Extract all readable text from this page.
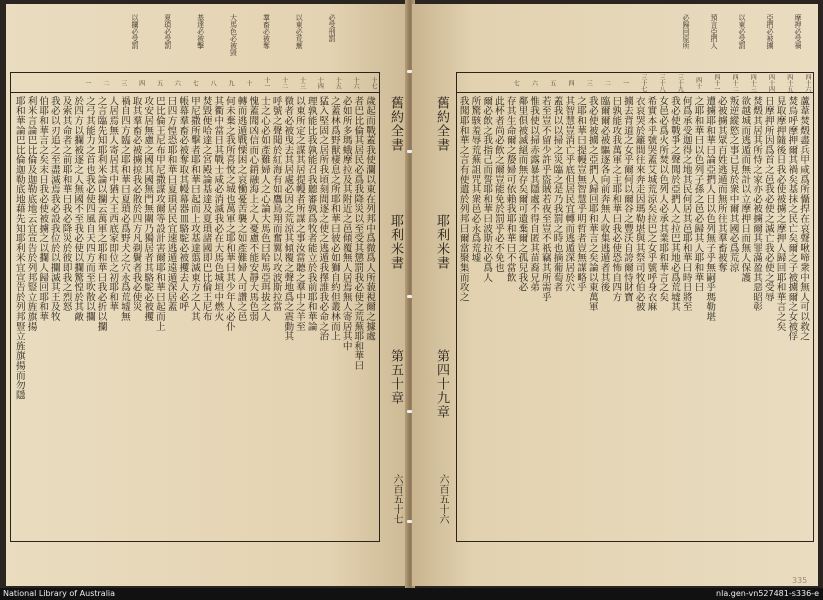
必受刑罰
以東必荒蕪
羣畜必被奪
大馬色必被毀
基達必被擊
夏瑣必受罰
以攔必受罰
十七
十六
十五
十四
十三
十二
十一
十
九
八
七
六
五
四
三
二
一
歲起而戰蓋我使瀾以東在列邦中爲微爲人所藐視爾之據處
者巴比倫其居民必爲我降災以至受其懲罰我必使之荒蕪耶和華曰
必如所多瑪蛾摩拉及其附近之邑傾覆無人居焉無人寄居其中
之蓋林爲野獸棲息之所耶和華曰彼必如獅自約但叢林而上
猛入堅固之居所我頃刻間逐之使之逃遁我擇誰我必命之治
理孰能比我孰能召我聽審孰爲牧者能立於我前耶和華論
以東所定之謀其居提幔者所謀之事汝當聽之羣中之羊至
微者必被曳去其居處必因之荒涼其傾覆之聲地爲之震動其
呼號之聲聞於紅海有如鷹鳥翔而奮翼以攻波斯拉當
士之心必如產難婦人之心論大馬色曰哈馬亞珥拔之人
愧蓋聞凶信而心銷融海上之人憂慮不能安靜大馬色弱
轉而逃遁戰慄困之哀慟憂苦襲之如產難婦人可讚之邑
何未棄之我所喜悅之城也萬軍之耶和華曰其少年人必仆
其衢中當日其戰士咸必消滅我必在大馬色城垣中燃火
焚毀便哈達之宮殿論基達及夏瑣諸國即巴比倫王尼布
甲尼撒所擊者耶和華曰起而上攻基達翦滅東方之人其
帳幕羣畜必被奪取其幔幕器皿駱駝必被攫去人必呼
曰四方惶恐耶和華曰夏瑣居民宜速逃遁遠遁深居蓋
巴比倫王尼布甲尼撒謀攻爾等設計害爾耶和華曰起而上
攻安居無慮之國其國無門無關乃獨居者其駱駝必被攫
取其羣畜必被擄掠我必散於四方凡剃鬢者我必使災
禍自四方臨之耶和華曰夏瑣必爲野犬之穴永爲荒墟無
人居焉無人寄居其中猶大王西底家即位之初耶和華
之言臨先知耶利米論以攔云萬軍之耶和華曰我必折以攔
之弓其能力之首也我必使四風自天四方而至吹散以攔
於四方以攔被逐之人無國不至我必使以攔驚惶於其敵
及索其命者之前耶和華曰我必降災於彼即我之烈怒
我必以刃追之至盡滅焉我必設我位於以攔滅其王及牧
伯耶和華言之矣末日我必使被擄之以攔人歸回耶和華
利米言論巴比倫及迦勒底地云宜宣告於列邦豎立旌旗揚
耶和華論巴比倫迦勒底地藉先知耶利米宜宣告於列邦豎立旌旗揚而勿隱	舊約全書
耶利米書
第五十章
六百五十七
摩押必受禍
亞捫必被擄
以東必受罰
預言亞捫人
必歸回原所
舊約全書
耶利米書
第四十九章
六百五十六
四十六
四十五
四十四
四十三
四十二
四十一
四十
三十九
三十八
三十七
一
二
三
四
五
六
七
蘆葦焚燬盡兵甲咸爲所懾捍在哀聲啾啼衆中無人可以救之
焚烏呼摩押爾其禍矣基抹之民亡矣爾之子被擄爾之女被俘
見取摩押隨後日我必使被擄之摩押人歸回耶和華言之矣
日摩押所因爲首之邑我必使之滅亡我必使之受辱
焚燬其居其所恃之家亦必被擄爾其罪滿盈其惡昭彰
欲越城而逃遁而無計以立摩押日而無人保護
叛逆縱慾之事已見於衆中爾其國必爲荒涼
必被擄其眾百姓逃遁而無所往其羣畜被奪
遭擄耶和華曰論亞捫人日以色列無子乎無嗣乎瑪勒堪
之耶和華曰以色列子孫之邑必歸其人耶和華曰
何爲承受迦得之地其民何居其邑耶和華曰時日將至
我必使戰爭之聲聞於亞捫人之拉巴其地必爲荒墟其
女邑必爲火所焚以色列人必承其業耶和華言之矣
希實本乎號哭蓋艾城荒涼矣拉巴之女乎號呼身衣麻
衣哀哭於籬間往來奔走因瑪勒堪與其祭司牧伯必被
擄去背道之女乎爾何以爾谷之豐沃自誇爾恃財寶
曰孰能攻我萬軍之主耶和華曰我必使恐怖自四方
臨爾爾必被驅逐各向前奔無人收集逃遁者其後
我必使被擄之亞捫人歸回耶和華言之矣論以東萬軍
之耶和華曰提幔豈無智慧乎明哲者豈無謀略乎
其智慧豈消亡乎底但居民宜轉而逃遁深居於穴
蓋我以以掃之災臨之是乃我罰之時也摘葡萄者
若至豈不留少許乎盜賊若夜至豈不祇竊其所需乎
惟我使以掃赤露暴其隱處不得自匿其苗裔兄弟
鄰里俱被滅絕而無存矣爾可遺棄爾之孤兒我必
存其生命爾之嫠婦可依賴我耶和華曰不當飲
此杯者尚必飲之爾豈能免於罰乎必不免也
爾必飲之我指己而誓耶和華曰波斯拉必爲人
所驚駭羞辱荒蕪詛咒其衆邑必永爲荒墟
我聞耶和華之言有使遣於列邦曰爾當聚集而攻之
335
National Library of Australia	nla.gen-vn527481-s336-e
